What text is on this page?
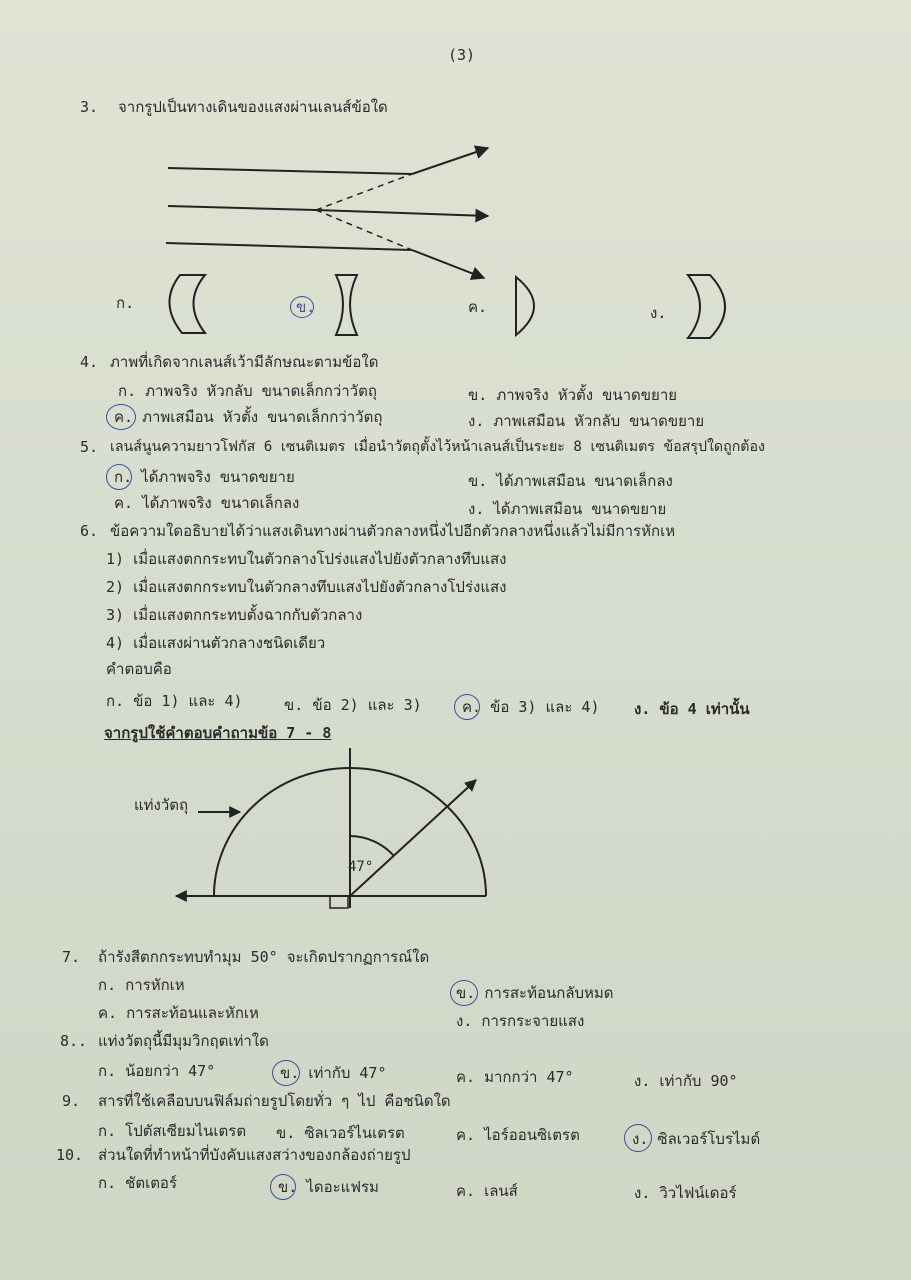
(3)
3. จากรูปเป็นทางเดินของแสงผ่านเลนส์ข้อใด
ก.	ข.	ค.	ง.
4. ภาพที่เกิดจากเลนส์เว้ามีลักษณะตามข้อใด
ก. ภาพจริง หัวกลับ ขนาดเล็กกว่าวัตถุ	ข. ภาพจริง หัวตั้ง ขนาดขยาย
ค. ภาพเสมือน หัวตั้ง ขนาดเล็กกว่าวัตถุ	ง. ภาพเสมือน หัวกลับ ขนาดขยาย
5. เลนส์นูนความยาวโฟกัส 6 เซนติเมตร เมื่อนำวัตถุตั้งไว้หน้าเลนส์เป็นระยะ 8 เซนติเมตร ข้อสรุปใดถูกต้อง
ก. ได้ภาพจริง ขนาดขยาย	ข. ได้ภาพเสมือน ขนาดเล็กลง
ค. ได้ภาพจริง ขนาดเล็กลง	ง. ได้ภาพเสมือน ขนาดขยาย
6. ข้อความใดอธิบายได้ว่าแสงเดินทางผ่านตัวกลางหนึ่งไปอีกตัวกลางหนึ่งแล้วไม่มีการหักเห
1) เมื่อแสงตกกระทบในตัวกลางโปร่งแสงไปยังตัวกลางทึบแสง
2) เมื่อแสงตกกระทบในตัวกลางทึบแสงไปยังตัวกลางโปร่งแสง
3) เมื่อแสงตกกระทบตั้งฉากกับตัวกลาง
4) เมื่อแสงผ่านตัวกลางชนิดเดียว
คำตอบคือ
ก. ข้อ 1) และ 4)	ข. ข้อ 2) และ 3)	ค. ข้อ 3) และ 4) ง. ข้อ 4 เท่านั้น
จากรูปใช้คำตอบคำถามข้อ 7 - 8
แท่งวัตถุ
47°
7. ถ้ารังสีตกกระทบทำมุม 50° จะเกิดปรากฏการณ์ใด
ก. การหักเห	ข. การสะท้อนกลับหมด
ค. การสะท้อนและหักเห	ง. การกระจายแสง
8.. แท่งวัตถุนี้มีมุมวิกฤตเท่าใด
ก. น้อยกว่า 47°	ข. เท่ากับ 47°	ค. มากกว่า 47°	ง. เท่ากับ 90°
9. สารที่ใช้เคลือบบนฟิล์มถ่ายรูปโดยทั่ว ๆ ไป คือชนิดใด
ก. โปตัสเซียมไนเตรต ข. ซิลเวอร์ไนเตรต	ค. ไอร์ออนซิเตรต	ง. ซิลเวอร์โบรไมด์
10. ส่วนใดที่ทำหน้าที่บังคับแสงสว่างของกล้องถ่ายรูป
ก. ชัตเตอร์	ข. ไดอะแฟรม	ค. เลนส์	ง. วิวไฟน์เดอร์
